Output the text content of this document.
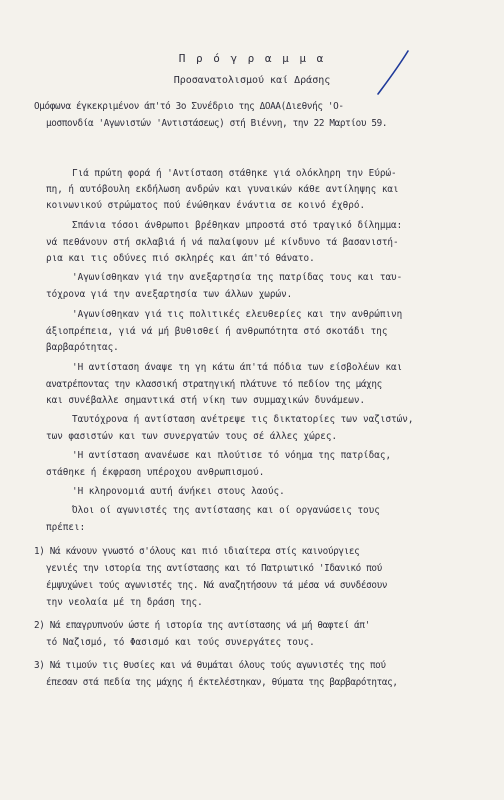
Π ρ ό γ ρ α μ μ α
Προσανατολισμού καί Δράσης
Ομόφωνα έγκεκριμένον άπ'τό 3ο Συνέδριο της ΔΟΑΑ(Διεθνής 'Ο-
μοσπονδία 'Αγωνιστών 'Αντιστάσεως) στή Βιέννη, την 22 Μαρτίου 59.
Γιά πρώτη φορά ή 'Αντίσταση στάθηκε γιά ολόκληρη την Εύρώ-
πη, ή αυτόβουλη εκδήλωση ανδρών και γυναικών κάθε αντίληψης και
κοινωνικού στρώματος πού ένώθηκαν ένάντια σε κοινό έχθρό.
Σπάνια τόσοι άνθρωποι βρέθηκαν μπροστά στό τραγικό δίλημμα:
νά πεθάνουν στή σκλαβιά ή νά παλαίψουν μέ κίνδυνο τά βασανιστή-
ρια και τις οδύνες πιό σκληρές και άπ'τό θάνατο.
'Αγωνίσθηκαν γιά την ανεξαρτησία της πατρίδας τους και ταυ-
τόχρονα γιά την ανεξαρτησία των άλλων χωρών.
'Αγωνίσθηκαν γιά τις πολιτικές ελευθερίες και την ανθρώπινη
άξιοπρέπεια, γιά νά μή βυθισθεί ή ανθρωπότητα στό σκοτάδι της
βαρβαρότητας.
'Η αντίσταση άναψε τη γη κάτω άπ'τά πόδια των είσβολέων και
ανατρέποντας την κλασσική στρατηγική πλάτυνε τό πεδίον της μάχης
και συνέβαλλε σημαντικά στή νίκη των συμμαχικών δυνάμεων.
Ταυτόχρονα ή αντίσταση ανέτρεψε τις δικτατορίες των ναζιστών,
των φασιστών και των συνεργατών τους σέ άλλες χώρες.
'Η αντίσταση ανανέωσε και πλούτισε τό νόημα της πατρίδας,
στάθηκε ή έκφραση υπέροχου ανθρωπισμού.
'Η κληρονομιά αυτή άνήκει στους λαούς.
Όλοι οί αγωνιστές της αντίστασης και οί οργανώσεις τους
πρέπει:
1) Νά κάνουν γνωστό σ'όλους και πιό ιδιαίτερα στίς καινούργιες
γενιές την ιστορία της αντίστασης και τό Πατριωτικό 'Ιδανικό πού
έμψυχώνει τούς αγωνιστές της. Νά αναζητήσουν τά μέσα νά συνδέσουν
την νεολαία μέ τη δράση της.
2) Νά επαγρυπνούν ώστε ή ιστορία της αντίστασης νά μή θαφτεί άπ'
τό Ναζισμό, τό Φασισμό και τούς συνεργάτες τους.
3) Νά τιμούν τις θυσίες και νά θυμάται όλους τούς αγωνιστές της πού
έπεσαν στά πεδία της μάχης ή έκτελέστηκαν, θύματα της βαρβαρότητας,
